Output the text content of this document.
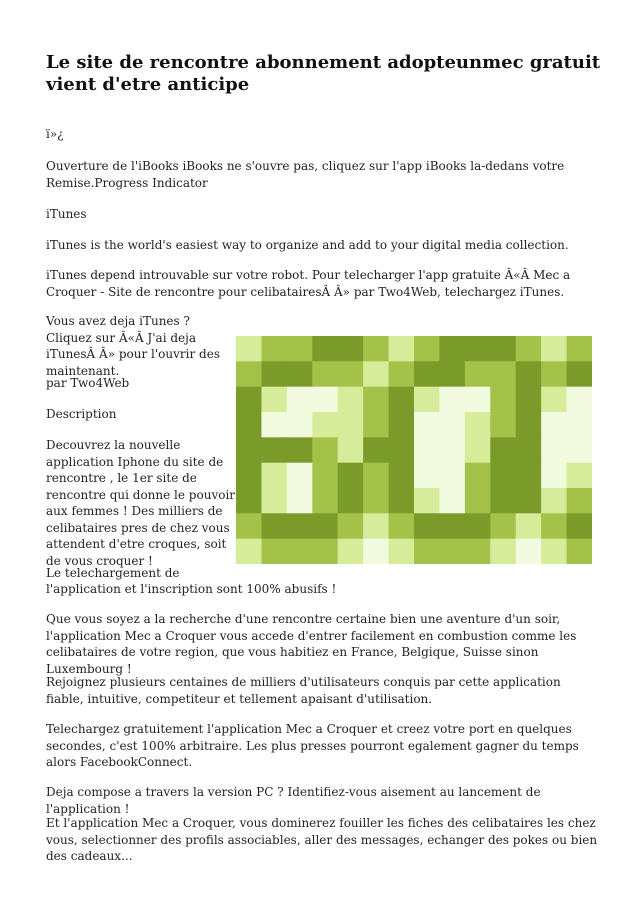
Le site de rencontre abonnement adopteunmec gratuit vient d'etre anticipe

ï»¿

Ouverture de l'iBooks iBooks ne s'ouvre pas, cliquez sur l'app iBooks la-dedans votre Remise.Progress Indicator

iTunes

iTunes is the world's easiest way to organize and add to your digital media collection.

iTunes depend introuvable sur votre robot. Pour telecharger l'app gratuite Â«Â Mec a Croquer - Site de rencontre pour celibatairesÂ Â» par Two4Web, telechargez iTunes.

Vous avez deja iTunes ? Cliquez sur Â«Â J'ai deja iTunesÂ Â» pour l'ouvrir des maintenant.

par Two4Web

Description

Decouvrez la nouvelle application Iphone du site de rencontre , le 1er site de rencontre qui donne le pouvoir aux femmes ! Des milliers de celibataires pres de chez vous attendent d'etre croques, soit de vous croquer !

Le telechargement de

l'application et l'inscription sont 100% abusifs !

Que vous soyez a la recherche d'une rencontre certaine bien une aventure d'un soir, l'application Mec a Croquer vous accede d'entrer facilement en combustion comme les celibataires de votre region, que vous habitiez en France, Belgique, Suisse sinon Luxembourg !

Rejoignez plusieurs centaines de milliers d'utilisateurs conquis par cette application fiable, intuitive, competiteur et tellement apaisant d'utilisation.

Telechargez gratuitement l'application Mec a Croquer et creez votre port en quelques secondes, c'est 100% arbitraire. Les plus presses pourront egalement gagner du temps alors FacebookConnect.

Deja compose a travers la version PC ? Identifiez-vous aisement au lancement de l'application !

Et l'application Mec a Croquer, vous dominerez fouiller les fiches des celibataires les chez vous, selectionner des profils associables, aller des messages, echanger des pokes ou bien des cadeaux...
